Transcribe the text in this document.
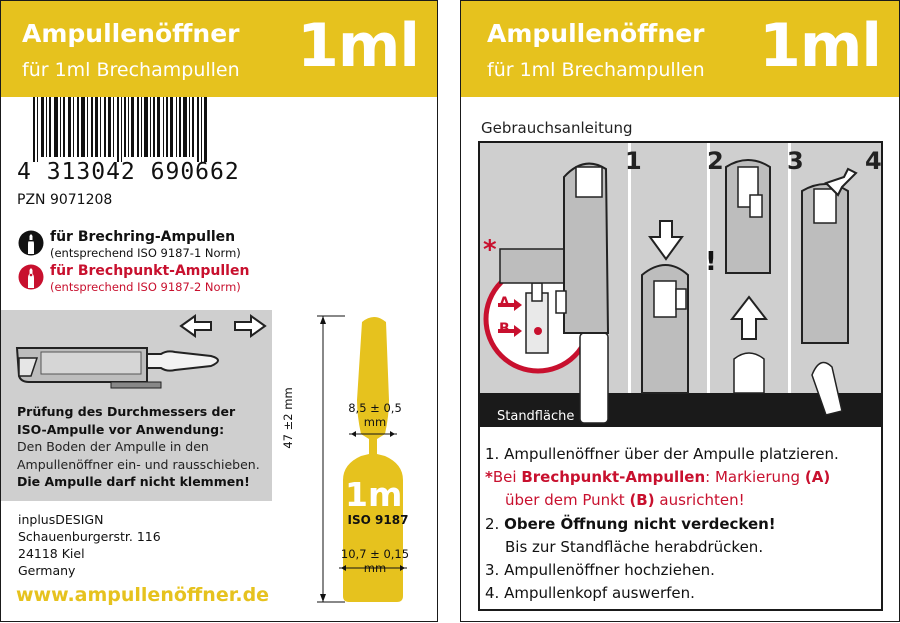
Ampullenöffner
für 1ml Brechampullen 1ml
4 313042 690662
PZN 9071208
für Brechring-Ampullen
(entsprechend ISO 9187-1 Norm)
für Brechpunkt-Ampullen
(entsprechend ISO 9187-2 Norm)
Prüfung des Durchmessers der
ISO-Ampulle vor Anwendung:
Den Boden der Ampulle in den
Ampullenöffner ein- und rausschieben.
Die Ampulle darf nicht klemmen!
inplusDESIGN
Schauenburgerstr. 116
24118 Kiel
Germany
www.ampullenöffner.de
47 ±2 mm	8,5 ± 0,5
mm
1ml
ISO 9187
10,7 ± 0,15
mm
Ampullenöffner
für 1ml Brechampullen 1ml
Gebrauchsanleitung
1	2	3	4
*
A
B
!
Standfläche
1. Ampullenöffner über der Ampulle platzieren.
*Bei Brechpunkt-Ampullen: Markierung (A)
über dem Punkt (B) ausrichten!
2. Obere Öffnung nicht verdecken!
Bis zur Standfläche herabdrücken.
3. Ampullenöffner hochziehen.
4. Ampullenkopf auswerfen.
